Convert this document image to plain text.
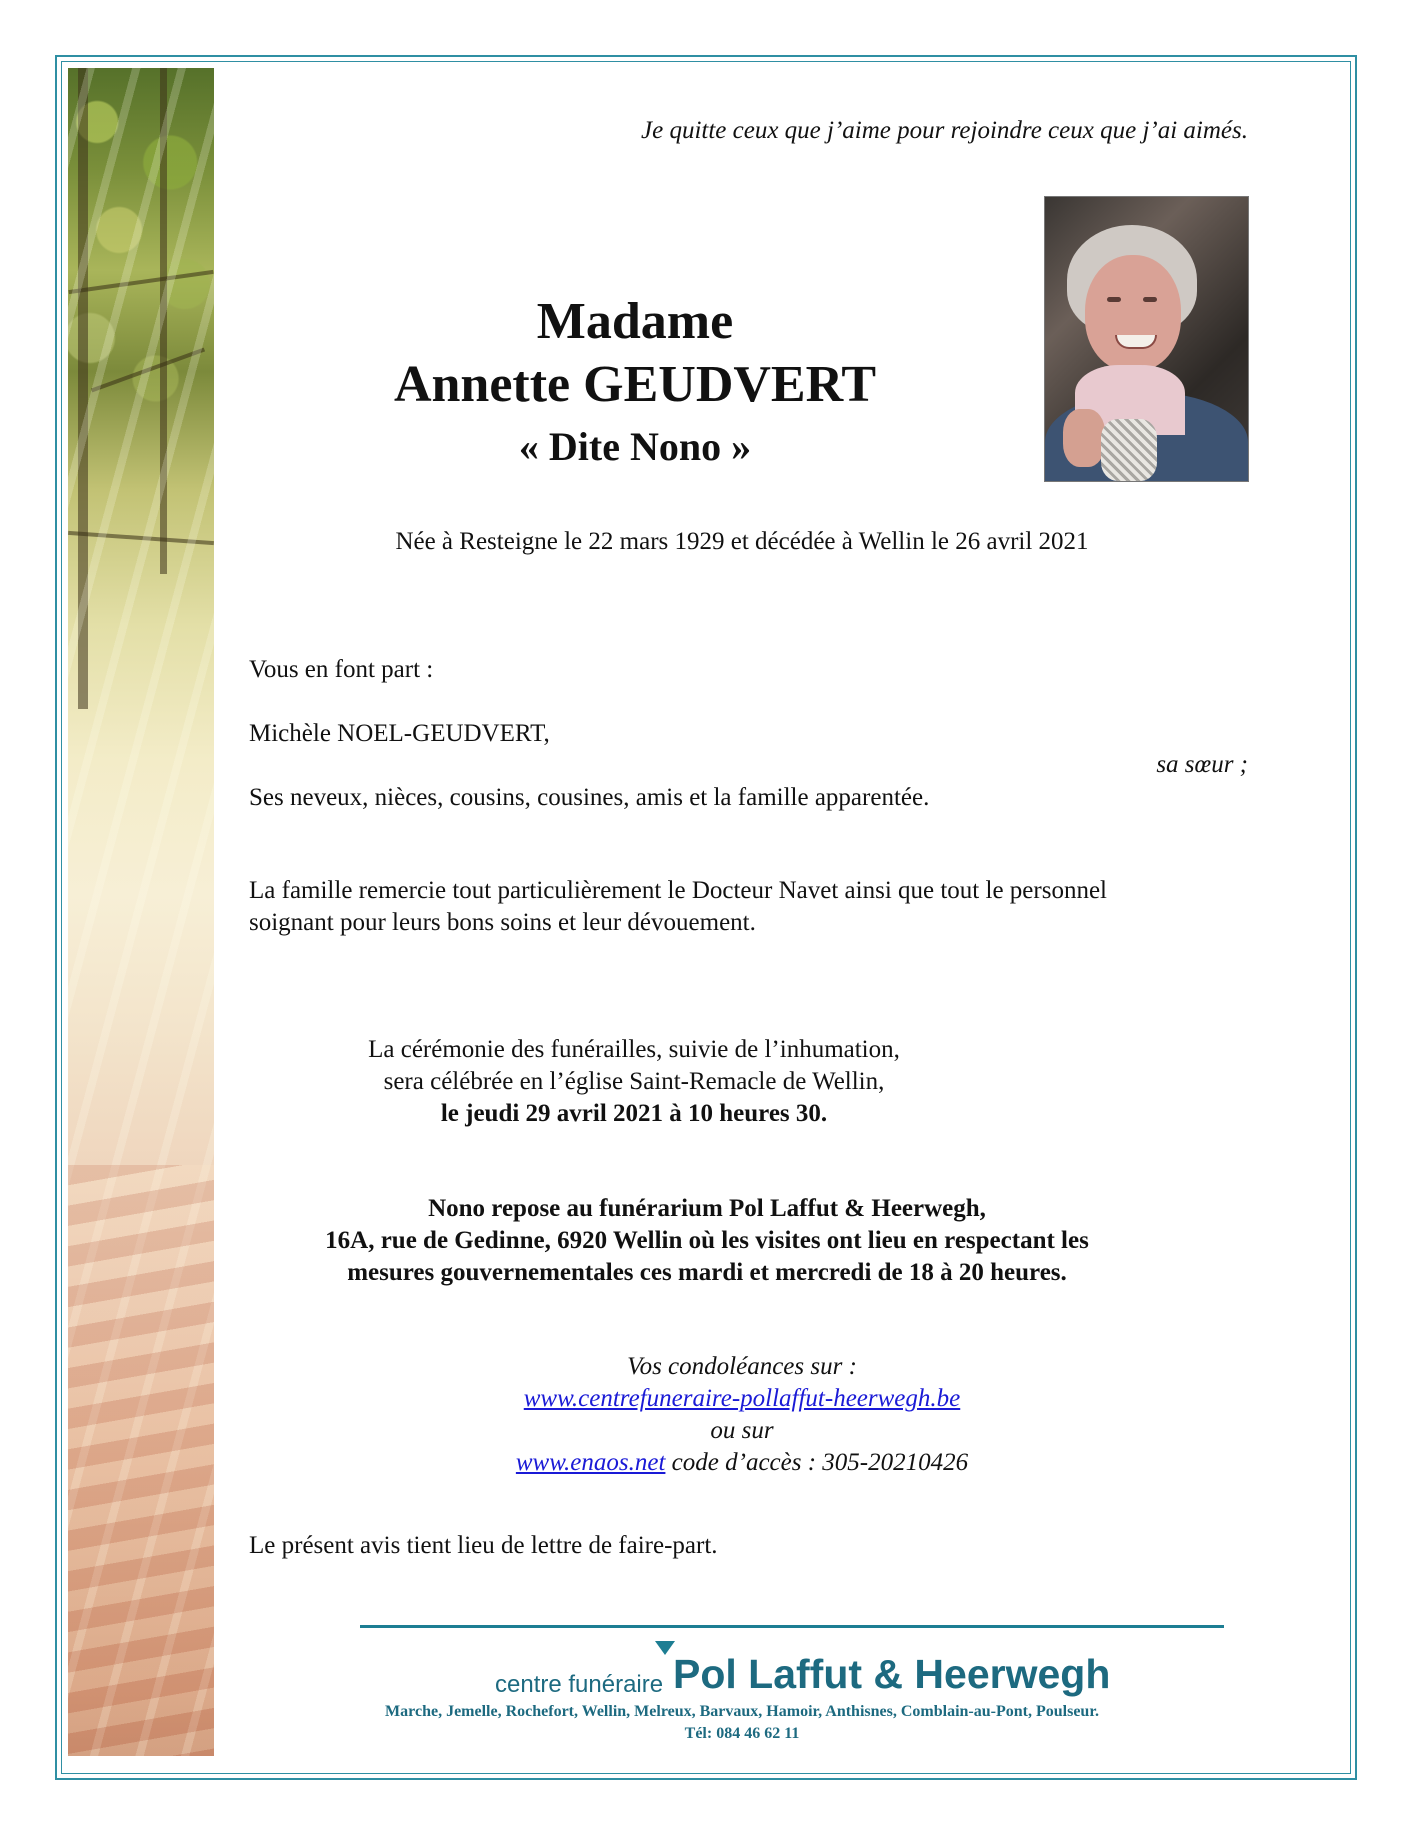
Je quitte ceux que j’aime pour rejoindre ceux que j’ai aimés.
Madame
Annette GEUDVERT
« Dite Nono »
Née à Resteigne le 22 mars 1929 et décédée à Wellin le 26 avril 2021
Vous en font part :
Michèle NOEL-GEUDVERT,
sa sœur ;
Ses neveux, nièces, cousins, cousines, amis et la famille apparentée.
La famille remercie tout particulièrement le Docteur Navet ainsi que tout le personnel
soignant pour leurs bons soins et leur dévouement.
La cérémonie des funérailles, suivie de l’inhumation,
sera célébrée en l’église Saint-Remacle de Wellin,
le jeudi 29 avril 2021 à 10 heures 30.
Nono repose au funérarium Pol Laffut & Heerwegh,
16A, rue de Gedinne, 6920 Wellin où les visites ont lieu en respectant les
mesures gouvernementales ces mardi et mercredi de 18 à 20 heures.
Vos condoléances sur :
www.centrefuneraire-pollaffut-heerwegh.be
ou sur
www.enaos.net code d’accès : 305-20210426
Le présent avis tient lieu de lettre de faire-part.
centre funéraire Pol Laffut & Heerwegh
Marche, Jemelle, Rochefort, Wellin, Melreux, Barvaux, Hamoir, Anthisnes, Comblain-au-Pont, Poulseur.
Tél: 084 46 62 11
